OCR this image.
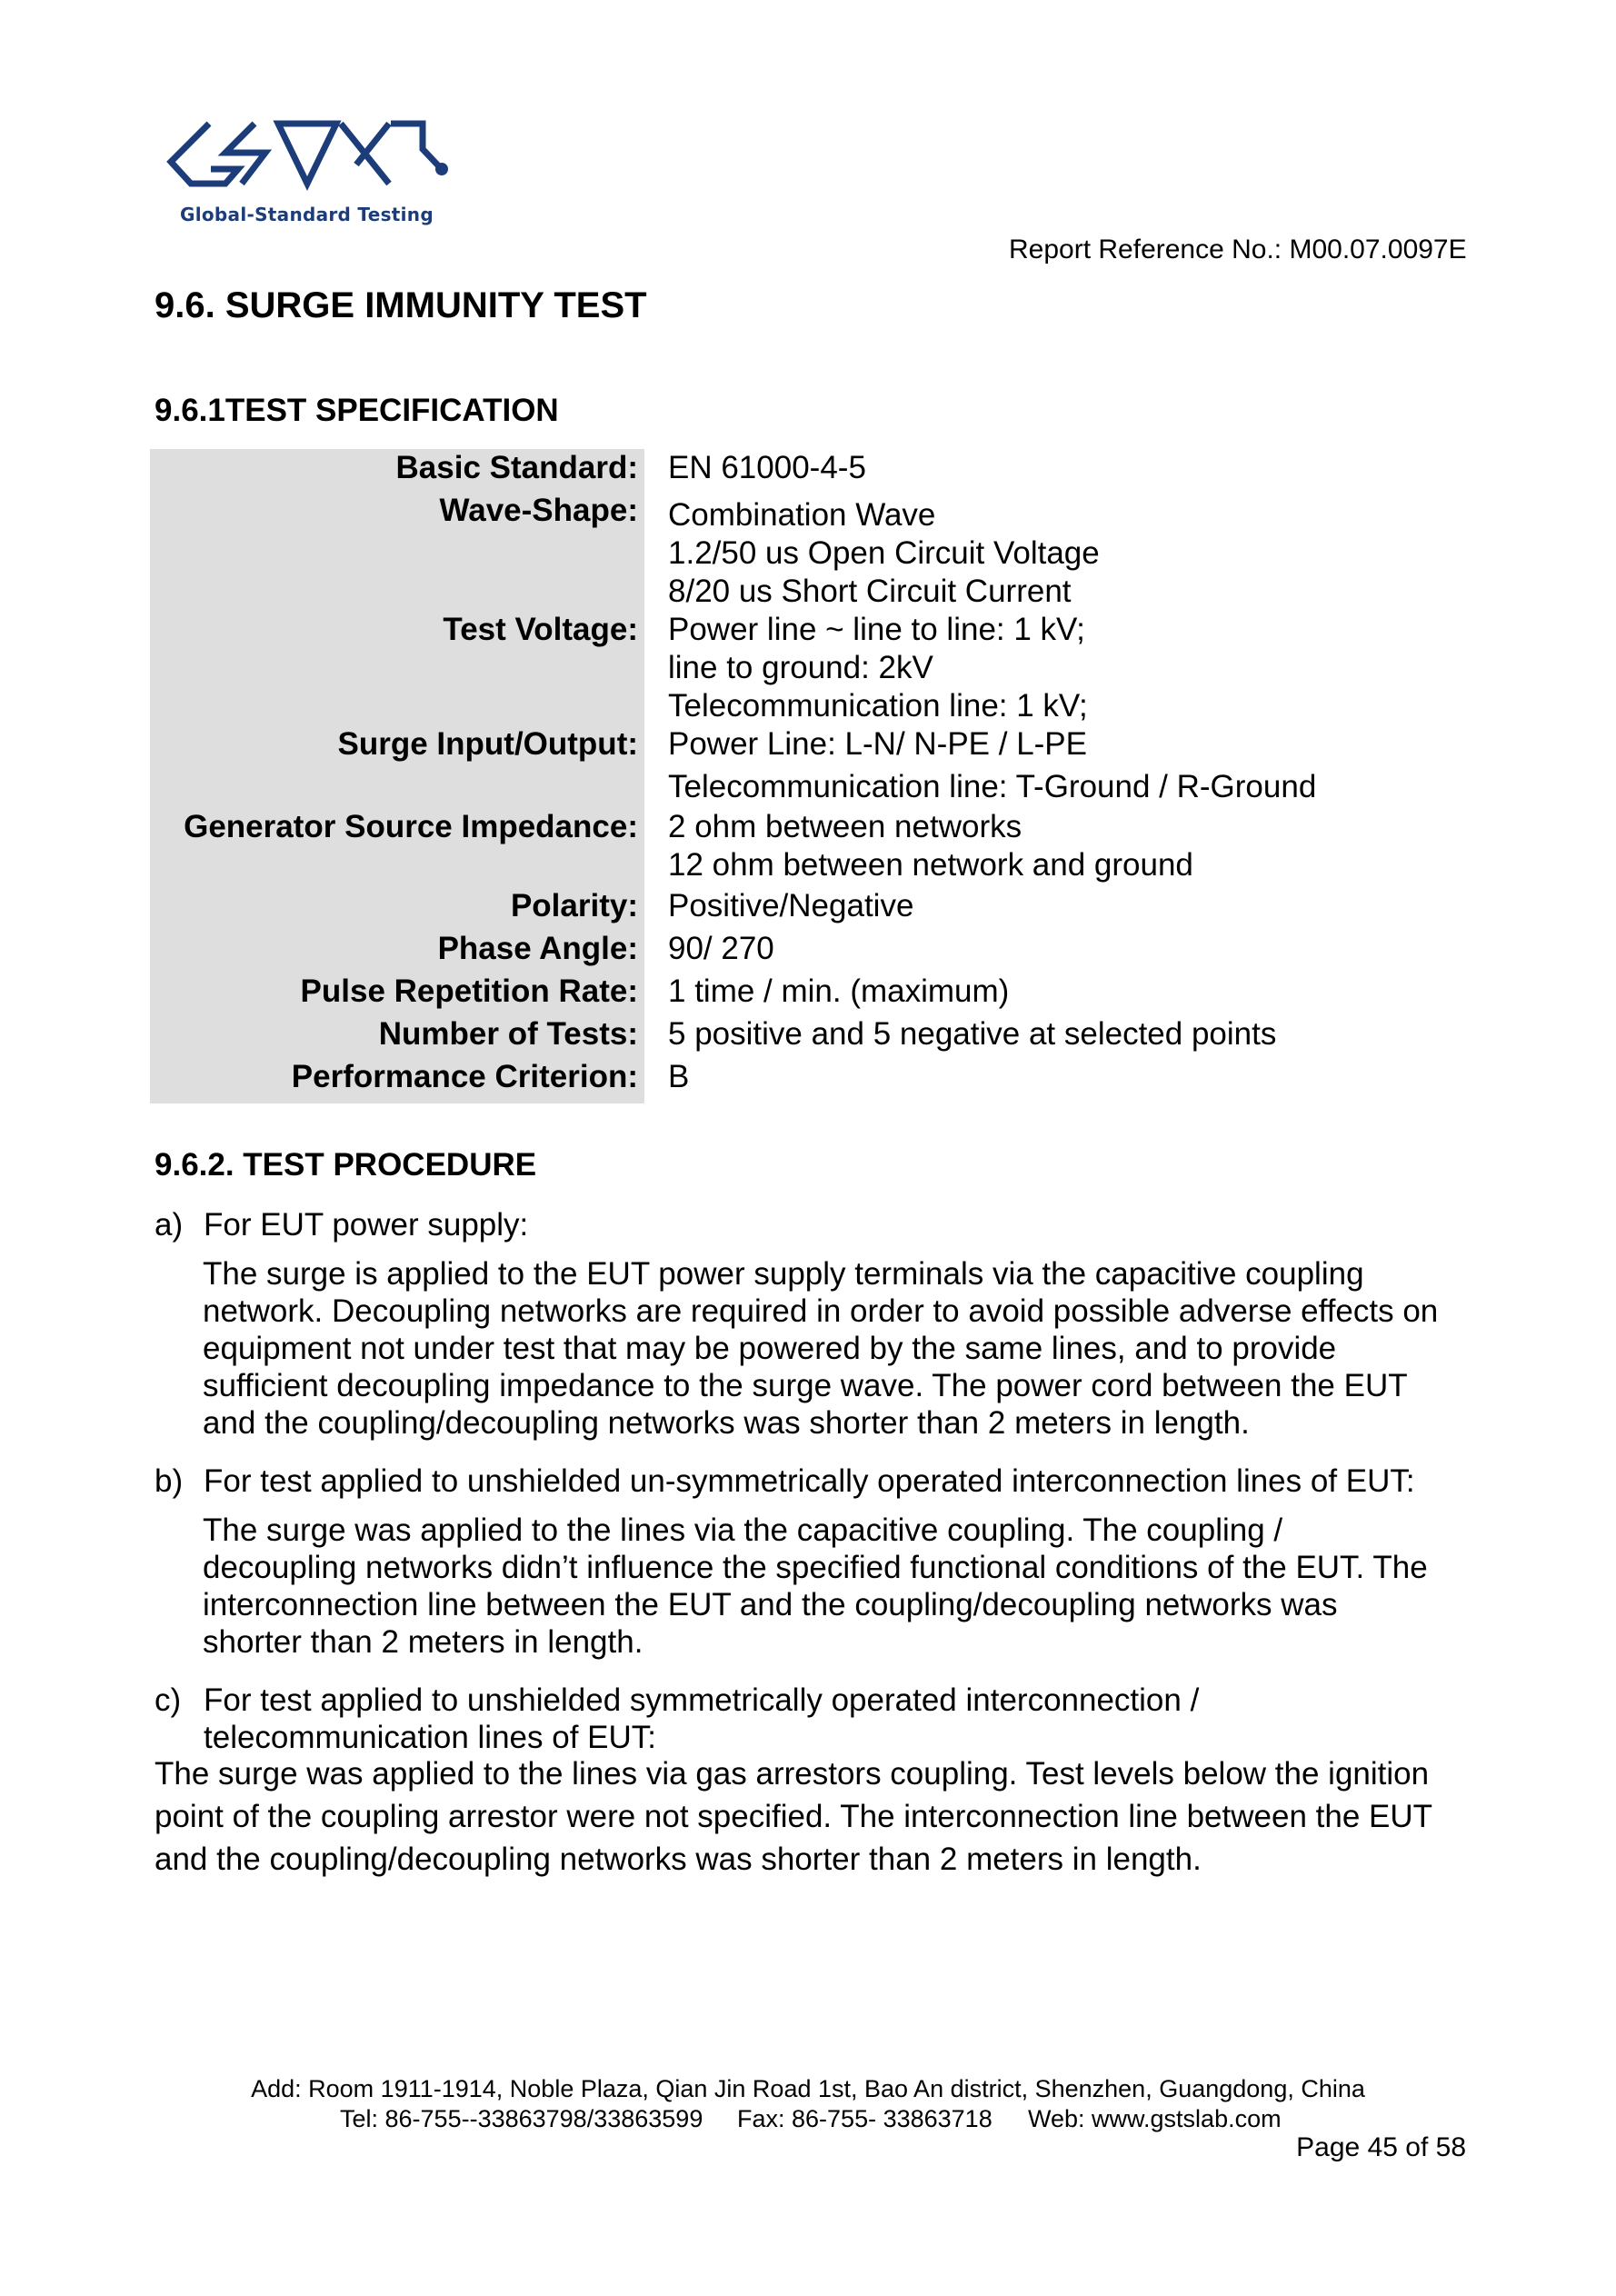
Global-Standard Testing
Report Reference No.: M00.07.0097E
9.6. SURGE IMMUNITY TEST
9.6.1TEST SPECIFICATION
Basic Standard: EN 61000-4-5
Wave-Shape: Combination Wave
1.2/50 us Open Circuit Voltage
8/20 us Short Circuit Current
Test Voltage: Power line ~ line to line: 1 kV;
line to ground: 2kV
Telecommunication line: 1 kV;
Surge Input/Output: Power Line: L-N/ N-PE / L-PE
Telecommunication line: T-Ground / R-Ground
Generator Source Impedance: 2 ohm between networks
12 ohm between network and ground
Polarity: Positive/Negative
Phase Angle: 90/ 270
Pulse Repetition Rate: 1 time / min. (maximum)
Number of Tests: 5 positive and 5 negative at selected points
Performance Criterion: B
9.6.2. TEST PROCEDURE
a) For EUT power supply:
The surge is applied to the EUT power supply terminals via the capacitive coupling
network. Decoupling networks are required in order to avoid possible adverse effects on
equipment not under test that may be powered by the same lines, and to provide
sufficient decoupling impedance to the surge wave. The power cord between the EUT
and the coupling/decoupling networks was shorter than 2 meters in length.
b) For test applied to unshielded un-symmetrically operated interconnection lines of EUT:
The surge was applied to the lines via the capacitive coupling. The coupling /
decoupling networks didn’t influence the specified functional conditions of the EUT. The
interconnection line between the EUT and the coupling/decoupling networks was
shorter than 2 meters in length.
c) For test applied to unshielded symmetrically operated interconnection /
telecommunication lines of EUT:
The surge was applied to the lines via gas arrestors coupling. Test levels below the ignition
point of the coupling arrestor were not specified. The interconnection line between the EUT
and the coupling/decoupling networks was shorter than 2 meters in length.
Add: Room 1911-1914, Noble Plaza, Qian Jin Road 1st, Bao An district, Shenzhen, Guangdong, China
Tel: 86-755--33863798/33863599 Fax: 86-755- 33863718 Web: www.gstslab.com
Page 45 of 58
